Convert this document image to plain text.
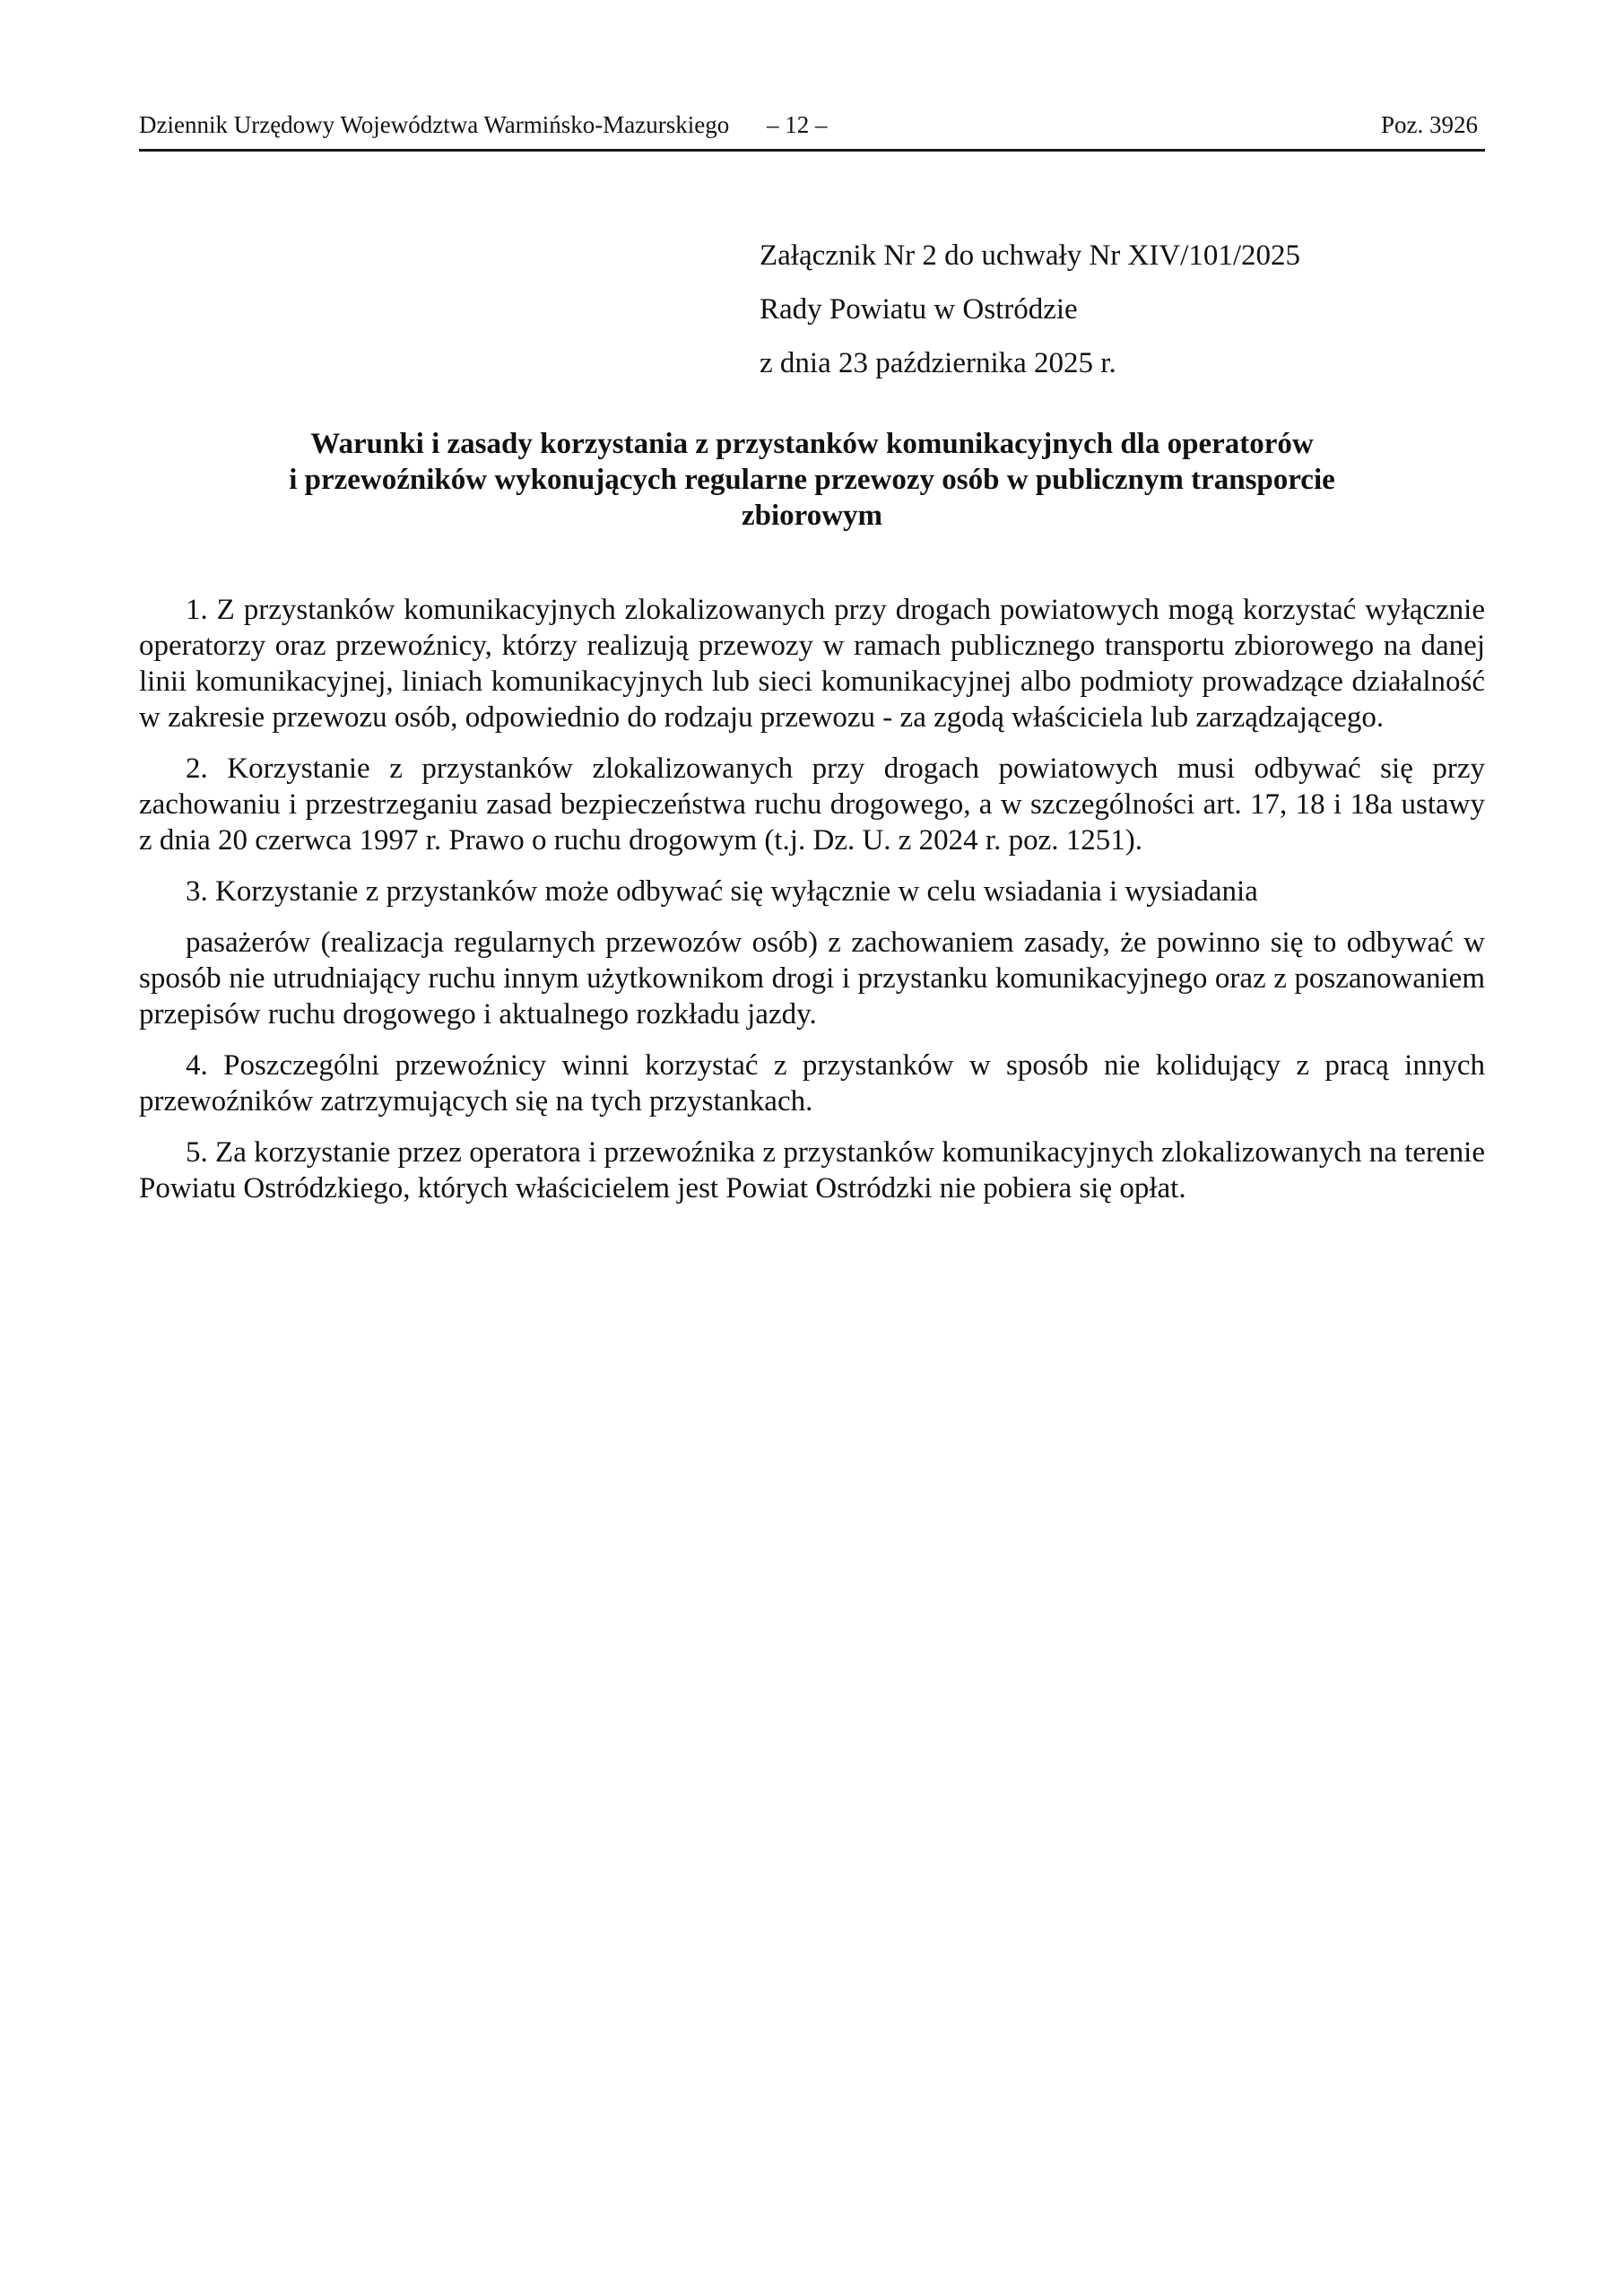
Dziennik Urzędowy Województwa Warmińsko-Mazurskiego – 12 –	Poz. 3926
Załącznik Nr 2 do uchwały Nr XIV/101/2025
Rady Powiatu w Ostródzie
z dnia 23 października 2025 r.
Warunki i zasady korzystania z przystanków komunikacyjnych dla operatorów
i przewoźników wykonujących regularne przewozy osób w publicznym transporcie
zbiorowym

1. Z przystanków komunikacyjnych zlokalizowanych przy drogach powiatowych mogą korzystać wyłącznie operatorzy oraz przewoźnicy, którzy realizują przewozy w ramach publicznego transportu zbiorowego na danej linii komunikacyjnej, liniach komunikacyjnych lub sieci komunikacyjnej albo podmioty prowadzące działalność w zakresie przewozu osób, odpowiednio do rodzaju przewozu - za zgodą właściciela lub zarządzającego.

2. Korzystanie z przystanków zlokalizowanych przy drogach powiatowych musi odbywać się przy zachowaniu i przestrzeganiu zasad bezpieczeństwa ruchu drogowego, a w szczególności art. 17, 18 i 18a ustawy z dnia 20 czerwca 1997 r. Prawo o ruchu drogowym (t.j. Dz. U. z 2024 r. poz. 1251).

3. Korzystanie z przystanków może odbywać się wyłącznie w celu wsiadania i wysiadania

pasażerów (realizacja regularnych przewozów osób) z zachowaniem zasady, że powinno się to odbywać w sposób nie utrudniający ruchu innym użytkownikom drogi i przystanku komunikacyjnego oraz z poszanowaniem przepisów ruchu drogowego i aktualnego rozkładu jazdy.

4. Poszczególni przewoźnicy winni korzystać z przystanków w sposób nie kolidujący z pracą innych przewoźników zatrzymujących się na tych przystankach.

5. Za korzystanie przez operatora i przewoźnika z przystanków komunikacyjnych zlokalizowanych na terenie Powiatu Ostródzkiego, których właścicielem jest Powiat Ostródzki nie pobiera się opłat.
